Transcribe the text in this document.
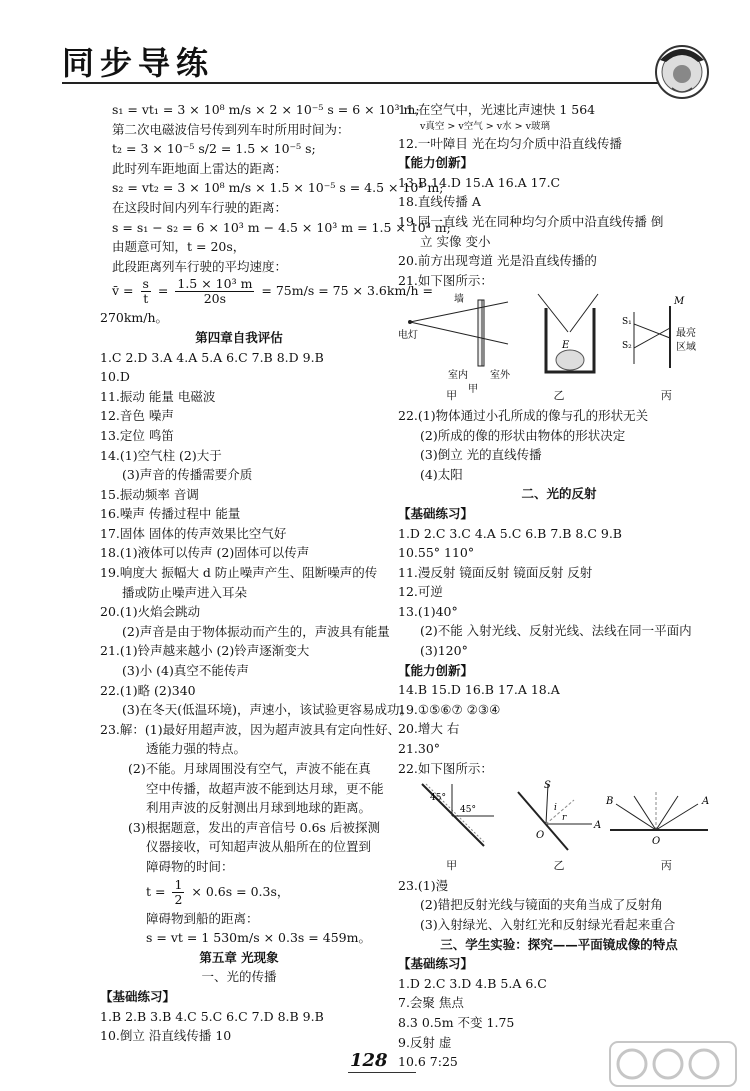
同步导练
s₁ = vt₁ = 3 × 10⁸ m/s × 2 × 10⁻⁵ s = 6 × 10³ m;
第二次电磁波信号传到列车时所用时间为：
t₂ = 3 × 10⁻⁵ s/2 = 1.5 × 10⁻⁵ s;
此时列车距地面上雷达的距离：
s₂ = vt₂ = 3 × 10⁸ m/s × 1.5 × 10⁻⁵ s = 4.5 × 10³ m;
在这段时间内列车行驶的距离：
s = s₁ − s₂ = 6 × 10³ m − 4.5 × 10³ m = 1.5 × 10³ m;
由题意可知，t = 20s，
此段距离列车行驶的平均速度：
v̄ = $\frac{s}{t} = \frac{\text{1.5 × 10³ m}}{20s} = 75m/s = 75 \times 3.6km/h$ =
270km/h。
第四章自我评估
1.C 2.D 3.A 4.A 5.A 6.C 7.B 8.D 9.B
10.D
11.振动 能量 电磁波
12.音色 噪声
13.定位 鸣笛
14.(1)空气柱 (2)大于
(3)声音的传播需要介质
15.振动频率 音调
16.噪声 传播过程中 能量
17.固体 固体的传声效果比空气好
18.(1)液体可以传声 (2)固体可以传声
19.响度大 振幅大 d 防止噪声产生、阻断噪声的传
播或防止噪声进入耳朵
20.(1)火焰会跳动
(2)声音是由于物体振动而产生的，声波具有能量
21.(1)铃声越来越小 (2)铃声逐渐变大
(3)小 (4)真空不能传声
22.(1)略 (2)340
(3)在冬天(低温环境)，声速小，该试验更容易成功。
23.解：(1)最好用超声波，因为超声波具有定向性好、
透能力强的特点。
(2)不能。月球周围没有空气，声波不能在真
空中传播，故超声波不能到达月球，更不能
利用声波的反射测出月球到地球的距离。
(3)根据题意，发出的声音信号 0.6s 后被探测
仪器接收，可知超声波从船所在的位置到
障碍物的时间：
$t = \frac{1}{2} \times 0.6s = 0.3s$，
障碍物到船的距离：
s = vt = 1 530m/s × 0.3s = 459m。
第五章 光现象
一、光的传播
【基础练习】
1.B 2.B 3.B 4.C 5.C 6.C 7.D 8.B 9.B
10.倒立 沿直线传播 10
11.在空气中，光速比声速快 1 564
v真空 > v空气 > v水 > v玻璃
12.一叶障目 光在均匀介质中沿直线传播
【能力创新】
13.B 14.D 15.A 16.A 17.C
18.直线传播 A
19.同一直线 光在同种均匀介质中沿直线传播 倒
立 实像 变小
20.前方出现弯道 光是沿直线传播的
21.如下图所示：
墙
电灯
室内 室外
E
S₁
S₂
M
最亮
区域
甲
甲	乙	丙
22.(1)物体通过小孔所成的像与孔的形状无关
(2)所成的像的形状由物体的形状决定
(3)倒立 光的直线传播
(4)太阳
二、光的反射
【基础练习】
1.D 2.C 3.C 4.A 5.C 6.B 7.B 8.C 9.B
10.55° 110°
11.漫反射 镜面反射 镜面反射 反射
12.可逆
13.(1)40°
(2)不能 入射光线、反射光线、法线在同一平面内
(3)120°
【能力创新】
14.B 15.D 16.B 17.A 18.A
19.①⑤⑥⑦ ②③④
20.增大 右
21.30°
22.如下图所示：
45°
45°
S
i
r
O
A
B	A
O
甲	乙	丙
23.(1)漫
(2)错把反射光线与镜面的夹角当成了反射角
(3)入射绿光、入射红光和反射绿光看起来重合
三、学生实验：探究——平面镜成像的特点
【基础练习】
1.D 2.C 3.D 4.B 5.A 6.C
7.会聚 焦点
8.3 0.5m 不变 1.75
9.反射 虚
10.6 7:25
128
